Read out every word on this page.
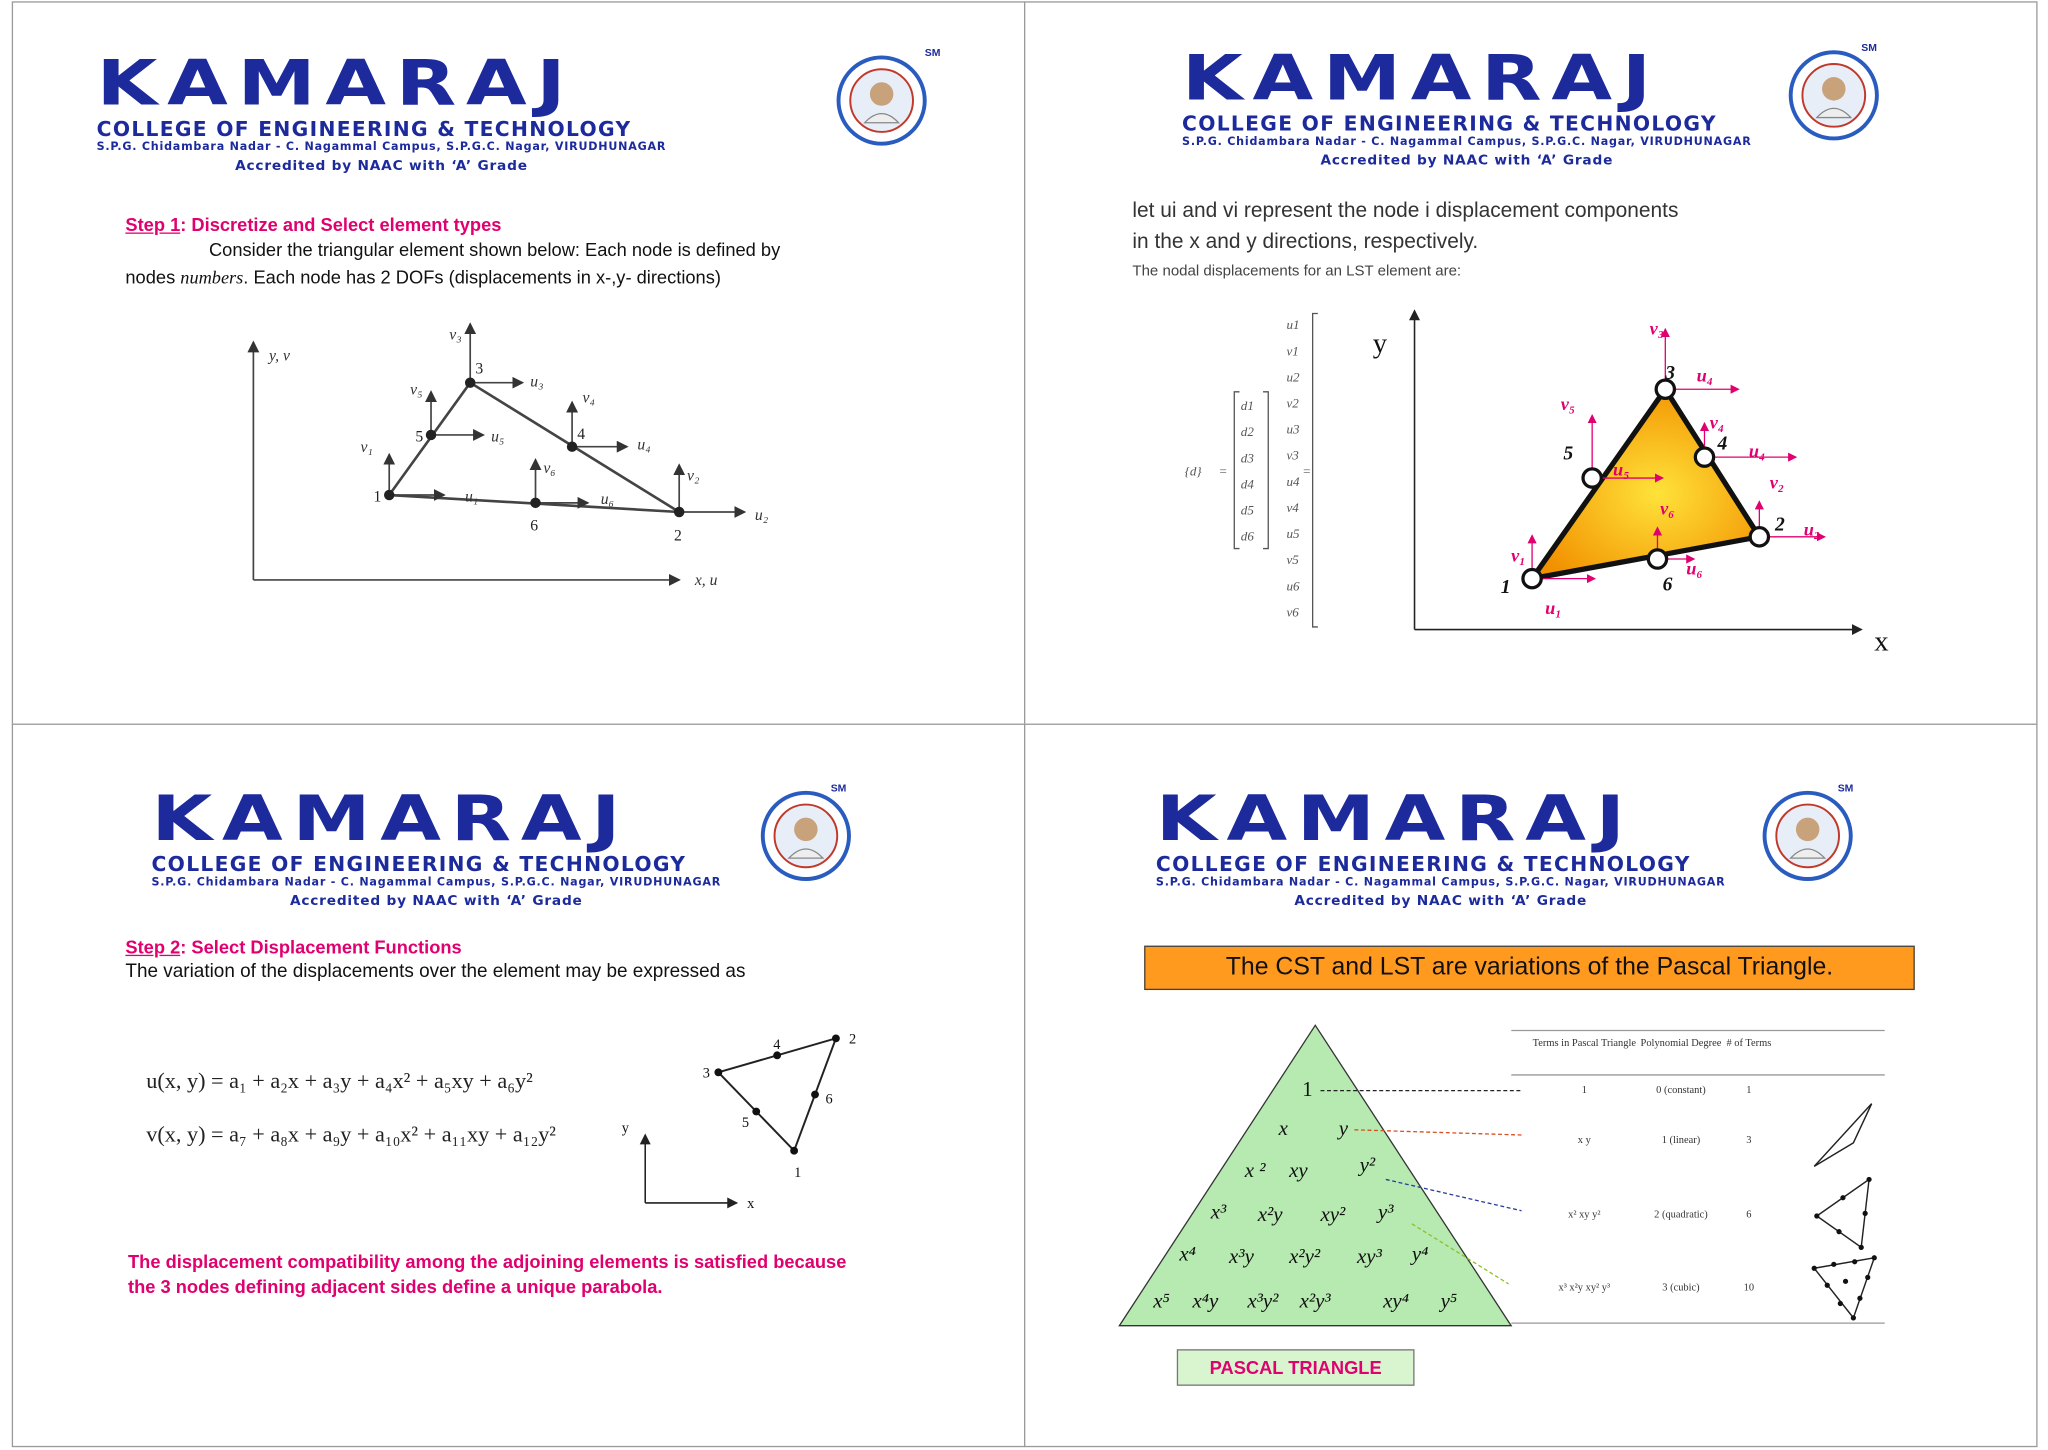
KAMARAJ
COLLEGE OF ENGINEERING & TECHNOLOGY
S.P.G. Chidambara Nadar - C. Nagammal Campus, S.P.G.C. Nagar, VIRUDHUNAGAR
Accredited by NAAC with ‘A’ Grade
SM
Step 1: Discretize and Select element types
Consider the triangular element shown below: Each node is defined by
nodes numbers. Each node has 2 DOFs (displacements in x-,y- directions)
y, v
x, u
v₁
u₁
v₃
u₃
v₅
u₅
v₄
u₄
v₆
u₆
v₂
u₂
1
2
3
4
5
6
KAMARAJ
COLLEGE OF ENGINEERING & TECHNOLOGY
S.P.G. Chidambara Nadar - C. Nagammal Campus, S.P.G.C. Nagar, VIRUDHUNAGAR
Accredited by NAAC with ‘A’ Grade
SM
let ui and vi represent the node i displacement components
in the x and y directions, respectively.
The nodal displacements for an LST element are:
{d} =	=
d1
d2
d3
d4
d5
d6
u1
v1
u2
v2
u3
v3
u4
v4
u5
v5
u6
v6
y
x
1
3
2
5	4
6
v₁
u₁
v₃
u₄
v₅
u₅
v₄
u₄
v₂
u₂
u₆
v₆
KAMARAJ
COLLEGE OF ENGINEERING & TECHNOLOGY
S.P.G. Chidambara Nadar - C. Nagammal Campus, S.P.G.C. Nagar, VIRUDHUNAGAR
Accredited by NAAC with ‘A’ Grade
SM
Step 2: Select Displacement Functions
The variation of the displacements over the element may be expressed as
u(x, y) = a₁ + a₂x + a₃y + a₄x² + a₅xy + a₆y²
v(x, y) = a₇ + a₈x + a₉y + a₁₀x² + a₁₁xy + a₁₂y²	y
x
3
2
1
4
6
5
The displacement compatibility among the adjoining elements is satisfied because the 3 nodes defining adjacent sides define a unique parabola.
KAMARAJ
COLLEGE OF ENGINEERING & TECHNOLOGY
S.P.G. Chidambara Nadar - C. Nagammal Campus, S.P.G.C. Nagar, VIRUDHUNAGAR
Accredited by NAAC with ‘A’ Grade
SM
The CST and LST are variations of the Pascal Triangle.
1
x	y
x ² xy	y²
x³ x²y xy² y³
x⁴ x³y x²y² xy³ y⁴
x⁵ x⁴y x³y² x²y³	xy⁴ y⁵
Terms in Pascal Triangle Polynomial Degree # of Terms
1	0 (constant)	1
x y	1 (linear)	3
x² xy y²	2 (quadratic)	6
x³ x²y xy² y³	3 (cubic)	10
PASCAL TRIANGLE
